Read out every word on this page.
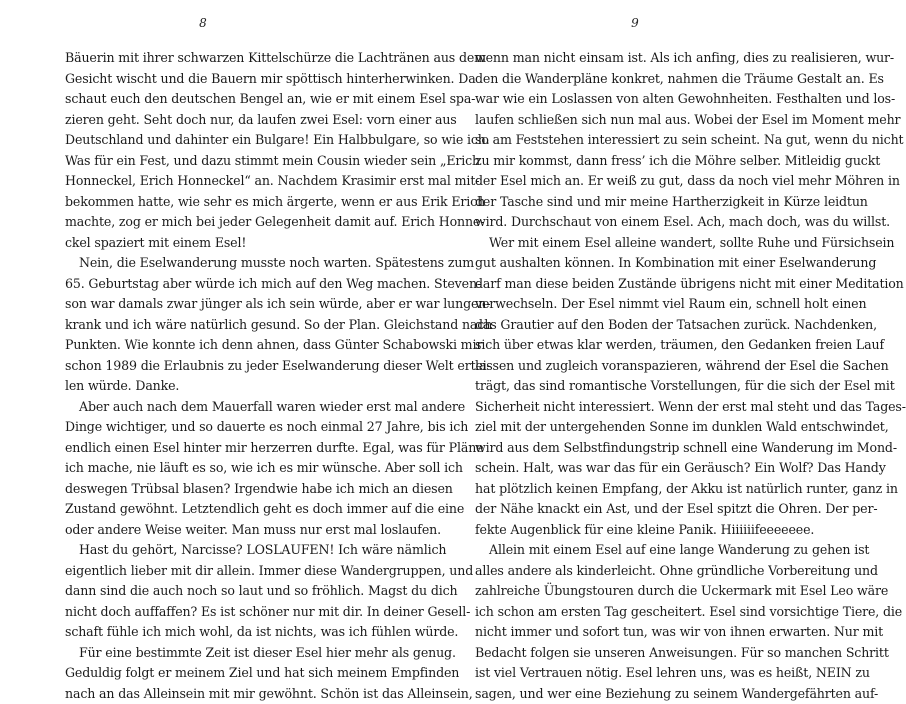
8
Bäuerin mit ihrer schwarzen Kittelschürze die Lachtränen aus dem
Gesicht wischt und die Bauern mir spöttisch hinterherwinken. Da
schaut euch den deutschen Bengel an, wie er mit einem Esel spa-
zieren geht. Seht doch nur, da laufen zwei Esel: vorn einer aus
Deutschland und dahinter ein Bulgare! Ein Halbbulgare, so wie ich.
Was für ein Fest, und dazu stimmt mein Cousin wieder sein „Erich
Honneckel, Erich Honneckel“ an. Nachdem Krasimir erst mal mit-
bekommen hatte, wie sehr es mich ärgerte, wenn er aus Erik Erich
machte, zog er mich bei jeder Gelegenheit damit auf. Erich Honne-
ckel spaziert mit einem Esel!
Nein, die Eselwanderung musste noch warten. Spätestens zum
65. Geburtstag aber würde ich mich auf den Weg machen. Steven-
son war damals zwar jünger als ich sein würde, aber er war lungen-
krank und ich wäre natürlich gesund. So der Plan. Gleichstand nach
Punkten. Wie konnte ich denn ahnen, dass Günter Schabowski mir
schon 1989 die Erlaubnis zu jeder Eselwanderung dieser Welt ertei-
len würde. Danke.
Aber auch nach dem Mauerfall waren wieder erst mal andere
Dinge wichtiger, und so dauerte es noch einmal 27 Jahre, bis ich
endlich einen Esel hinter mir herzerren durfte. Egal, was für Pläne
ich mache, nie läuft es so, wie ich es mir wünsche. Aber soll ich
deswegen Trübsal blasen? Irgendwie habe ich mich an diesen
Zustand gewöhnt. Letztendlich geht es doch immer auf die eine
oder andere Weise weiter. Man muss nur erst mal loslaufen.
Hast du gehört, Narcisse? LOSLAUFEN! Ich wäre nämlich
eigentlich lieber mit dir allein. Immer diese Wandergruppen, und
dann sind die auch noch so laut und so fröhlich. Magst du dich
nicht doch auffaffen? Es ist schöner nur mit dir. In deiner Gesell-
schaft fühle ich mich wohl, da ist nichts, was ich fühlen würde.
Für eine bestimmte Zeit ist dieser Esel hier mehr als genug.
Geduldig folgt er meinem Ziel und hat sich meinem Empfinden
nach an das Alleinsein mit mir gewöhnt. Schön ist das Alleinsein,
9
wenn man nicht einsam ist. Als ich anfing, dies zu realisieren, wur-
den die Wanderpläne konkret, nahmen die Träume Gestalt an. Es
war wie ein Loslassen von alten Gewohnheiten. Festhalten und los-
laufen schließen sich nun mal aus. Wobei der Esel im Moment mehr
so am Feststehen interessiert zu sein scheint. Na gut, wenn du nicht
zu mir kommst, dann fress’ ich die Möhre selber. Mitleidig guckt
der Esel mich an. Er weiß zu gut, dass da noch viel mehr Möhren in
der Tasche sind und mir meine Hartherzigkeit in Kürze leidtun
wird. Durchschaut von einem Esel. Ach, mach doch, was du willst.
Wer mit einem Esel alleine wandert, sollte Ruhe und Fürsichsein
gut aushalten können. In Kombination mit einer Eselwanderung
darf man diese beiden Zustände übrigens nicht mit einer Meditation
verwechseln. Der Esel nimmt viel Raum ein, schnell holt einen
das Grautier auf den Boden der Tatsachen zurück. Nachdenken,
sich über etwas klar werden, träumen, den Gedanken freien Lauf
lassen und zugleich voranspazieren, während der Esel die Sachen
trägt, das sind romantische Vorstellungen, für die sich der Esel mit
Sicherheit nicht interessiert. Wenn der erst mal steht und das Tages-
ziel mit der untergehenden Sonne im dunklen Wald entschwindet,
wird aus dem Selbstfindungstrip schnell eine Wanderung im Mond-
schein. Halt, was war das für ein Geräusch? Ein Wolf? Das Handy
hat plötzlich keinen Empfang, der Akku ist natürlich runter, ganz in
der Nähe knackt ein Ast, und der Esel spitzt die Ohren. Der per-
fekte Augenblick für eine kleine Panik. Hiiiiiifeeeeeee.
Allein mit einem Esel auf eine lange Wanderung zu gehen ist
alles andere als kinderleicht. Ohne gründliche Vorbereitung und
zahlreiche Übungstouren durch die Uckermark mit Esel Leo wäre
ich schon am ersten Tag gescheitert. Esel sind vorsichtige Tiere, die
nicht immer und sofort tun, was wir von ihnen erwarten. Nur mit
Bedacht folgen sie unseren Anweisungen. Für so manchen Schritt
ist viel Vertrauen nötig. Esel lehren uns, was es heißt, NEIN zu
sagen, und wer eine Beziehung zu seinem Wandergefährten auf-
